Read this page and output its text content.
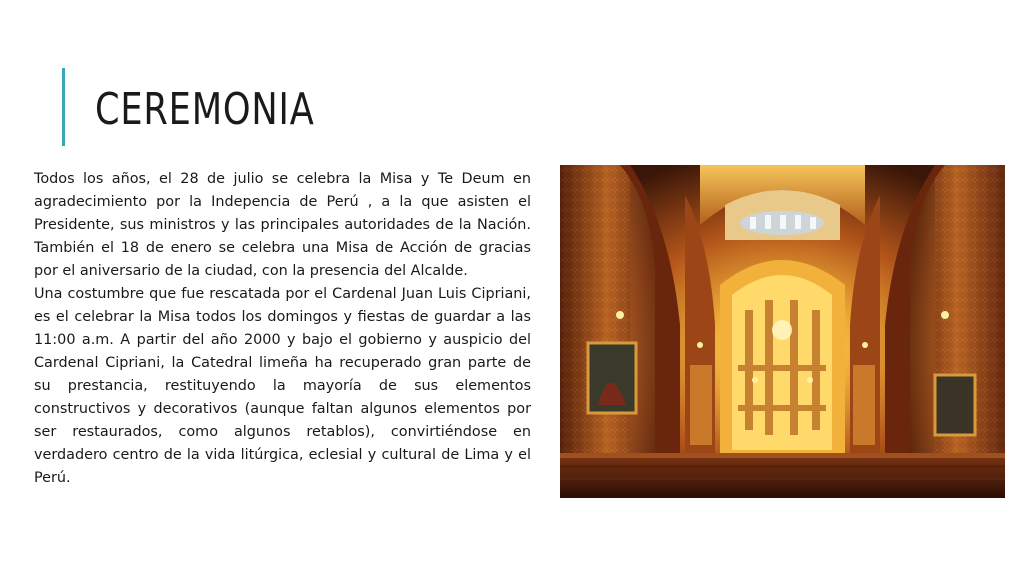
CEREMONIA

Todos los años, el 28 de julio se celebra la Misa y Te Deum en agradecimiento por la Indepencia de Perú , a la que asisten el Presidente, sus ministros y las principales autoridades de la Nación. También el 18 de enero se celebra una Misa de Acción de gracias por el aniversario de la ciudad, con la presencia del Alcalde.

Una costumbre que fue rescatada por el Cardenal Juan Luis Cipriani, es el celebrar la Misa todos los domingos y fiestas de guardar a las 11:00 a.m. A partir del año 2000 y bajo el gobierno y auspicio del Cardenal Cipriani, la Catedral limeña ha recuperado gran parte de su prestancia, restituyendo la mayoría de sus elementos constructivos y decorativos (aunque faltan algunos elementos por ser restaurados, como algunos retablos), convirtiéndose en verdadero centro de la vida litúrgica, eclesial y cultural de Lima y el Perú.
